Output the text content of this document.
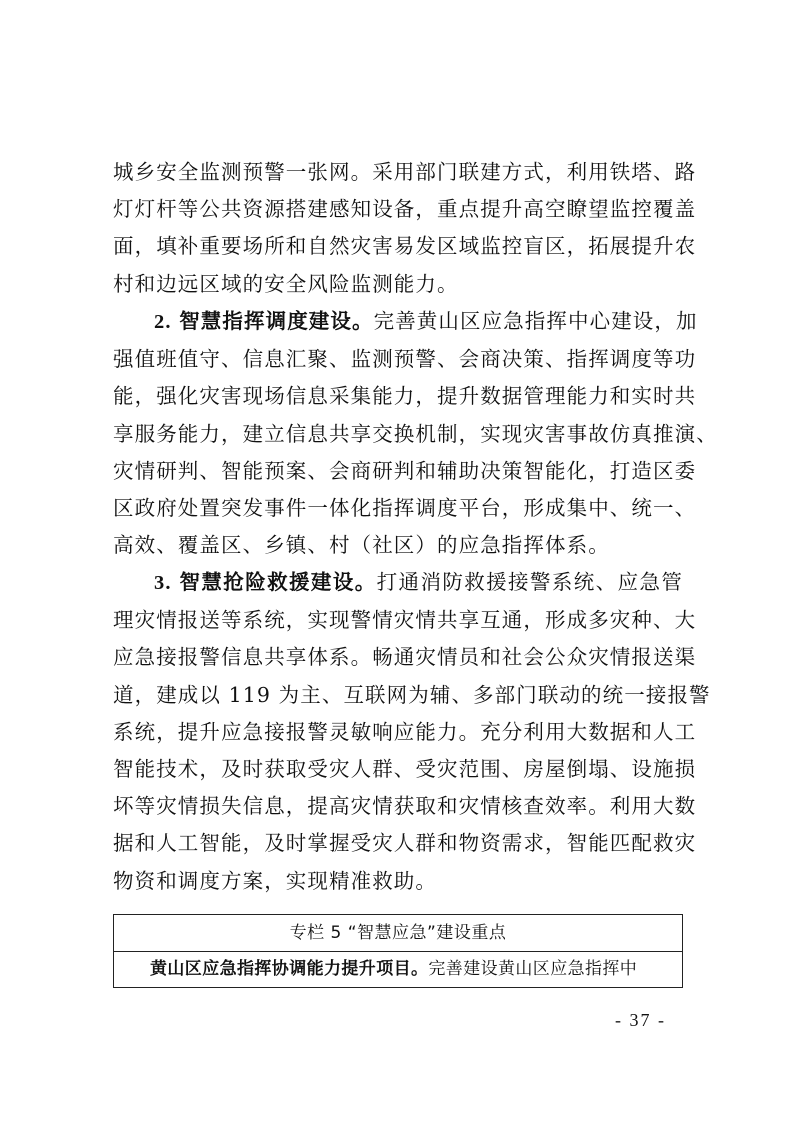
城乡安全监测预警一张网。采用部门联建方式，利用铁塔、路
灯灯杆等公共资源搭建感知设备，重点提升高空瞭望监控覆盖
面，填补重要场所和自然灾害易发区域监控盲区，拓展提升农
村和边远区域的安全风险监测能力。
2. 智慧指挥调度建设。完善黄山区应急指挥中心建设，加
强值班值守、信息汇聚、监测预警、会商决策、指挥调度等功
能，强化灾害现场信息采集能力，提升数据管理能力和实时共
享服务能力，建立信息共享交换机制，实现灾害事故仿真推演、
灾情研判、智能预案、会商研判和辅助决策智能化，打造区委
区政府处置突发事件一体化指挥调度平台，形成集中、统一、
高效、覆盖区、乡镇、村（社区）的应急指挥体系。
3. 智慧抢险救援建设。打通消防救援接警系统、应急管
理灾情报送等系统，实现警情灾情共享互通，形成多灾种、大
应急接报警信息共享体系。畅通灾情员和社会公众灾情报送渠
道，建成以 119 为主、互联网为辅、多部门联动的统一接报警
系统，提升应急接报警灵敏响应能力。充分利用大数据和人工
智能技术，及时获取受灾人群、受灾范围、房屋倒塌、设施损
坏等灾情损失信息，提高灾情获取和灾情核查效率。利用大数
据和人工智能，及时掌握受灾人群和物资需求，智能匹配救灾
物资和调度方案，实现精准救助。
专栏 5 “智慧应急”建设重点
黄山区应急指挥协调能力提升项目。完善建设黄山区应急指挥中
- 37 -
